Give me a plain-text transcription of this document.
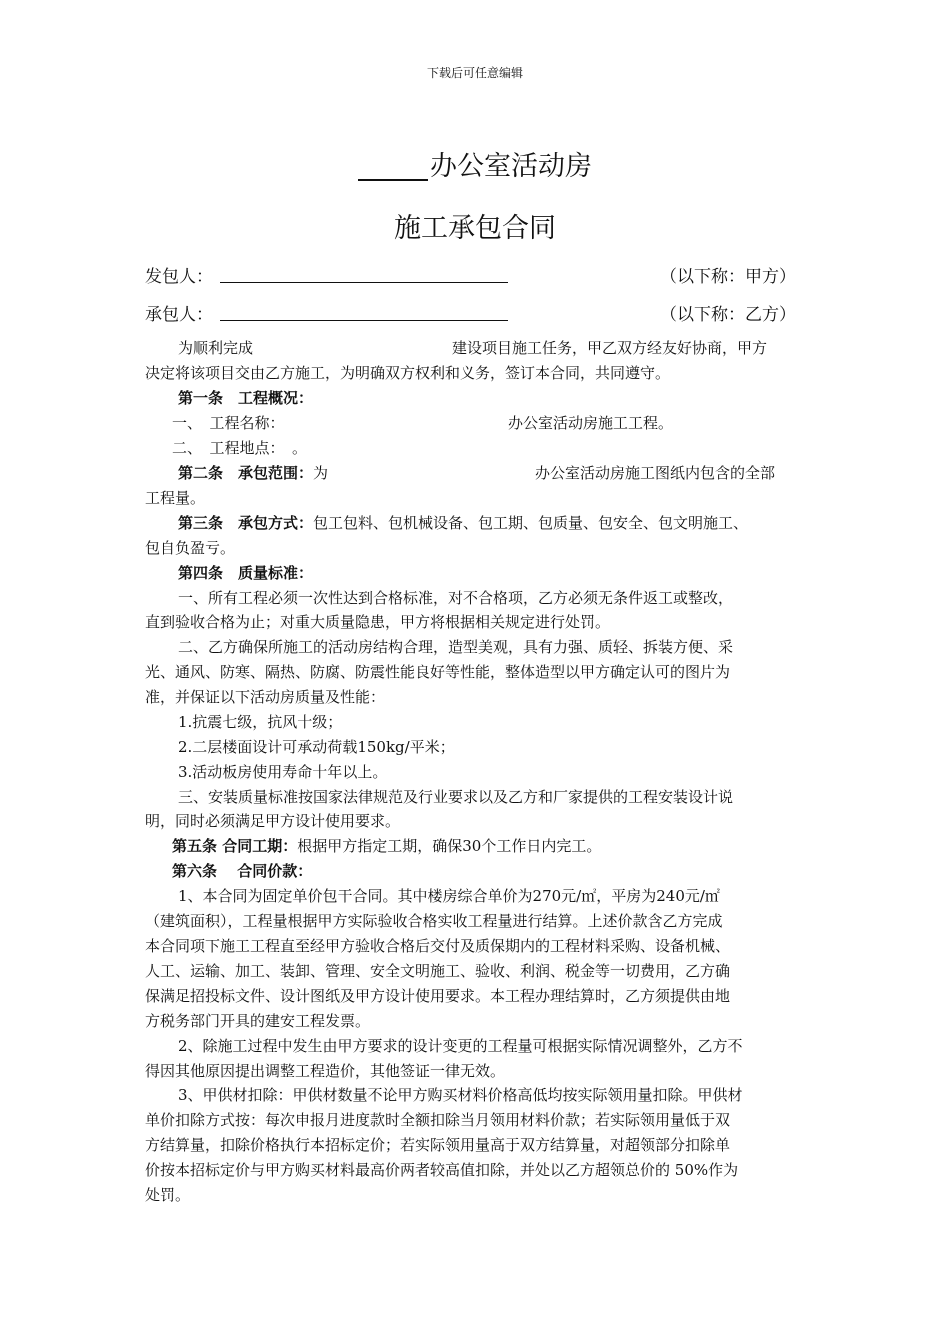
下载后可任意编辑
办公室活动房
施工承包合同
发包人：	（以下称：甲方）
承包人：	（以下称：乙方）
为顺利完成	建设项目施工任务，甲乙双方经友好协商，甲方
决定将该项目交由乙方施工，为明确双方权利和义务，签订本合同，共同遵守。
第一条　工程概况：
一、　工程名称：	办公室活动房施工工程。
二、　工程地点：　。
第二条　承包范围：为	办公室活动房施工图纸内包含的全部
工程量。
第三条　承包方式：包工包料、包机械设备、包工期、包质量、包安全、包文明施工、
包自负盈亏。
第四条　质量标准：
一、所有工程必须一次性达到合格标准，对不合格项，乙方必须无条件返工或整改，
直到验收合格为止；对重大质量隐患，甲方将根据相关规定进行处罚。
二、乙方确保所施工的活动房结构合理，造型美观，具有力强、质轻、拆装方便、采
光、通风、防寒、隔热、防腐、防震性能良好等性能，整体造型以甲方确定认可的图片为
准，并保证以下活动房质量及性能：
1.抗震七级，抗风十级；
2.二层楼面设计可承动荷载150kg/平米；
3.活动板房使用寿命十年以上。
三、安装质量标准按国家法律规范及行业要求以及乙方和厂家提供的工程安装设计说
明，同时必须满足甲方设计使用要求。
第五条 合同工期：根据甲方指定工期，确保30个工作日内完工。
第六条　 合同价款：
1、本合同为固定单价包干合同。其中楼房综合单价为270元/㎡，平房为240元/㎡
（建筑面积），工程量根据甲方实际验收合格实收工程量进行结算。上述价款含乙方完成
本合同项下施工工程直至经甲方验收合格后交付及质保期内的工程材料采购、设备机械、
人工、运输、加工、装卸、管理、安全文明施工、验收、利润、税金等一切费用，乙方确
保满足招投标文件、设计图纸及甲方设计使用要求。本工程办理结算时，乙方须提供由地
方税务部门开具的建安工程发票。
2、除施工过程中发生由甲方要求的设计变更的工程量可根据实际情况调整外，乙方不
得因其他原因提出调整工程造价，其他签证一律无效。
3、甲供材扣除：甲供材数量不论甲方购买材料价格高低均按实际领用量扣除。甲供材
单价扣除方式按：每次申报月进度款时全额扣除当月领用材料价款；若实际领用量低于双
方结算量，扣除价格执行本招标定价；若实际领用量高于双方结算量，对超领部分扣除单
价按本招标定价与甲方购买材料最高价两者较高值扣除，并处以乙方超领总价的 50%作为
处罚。
